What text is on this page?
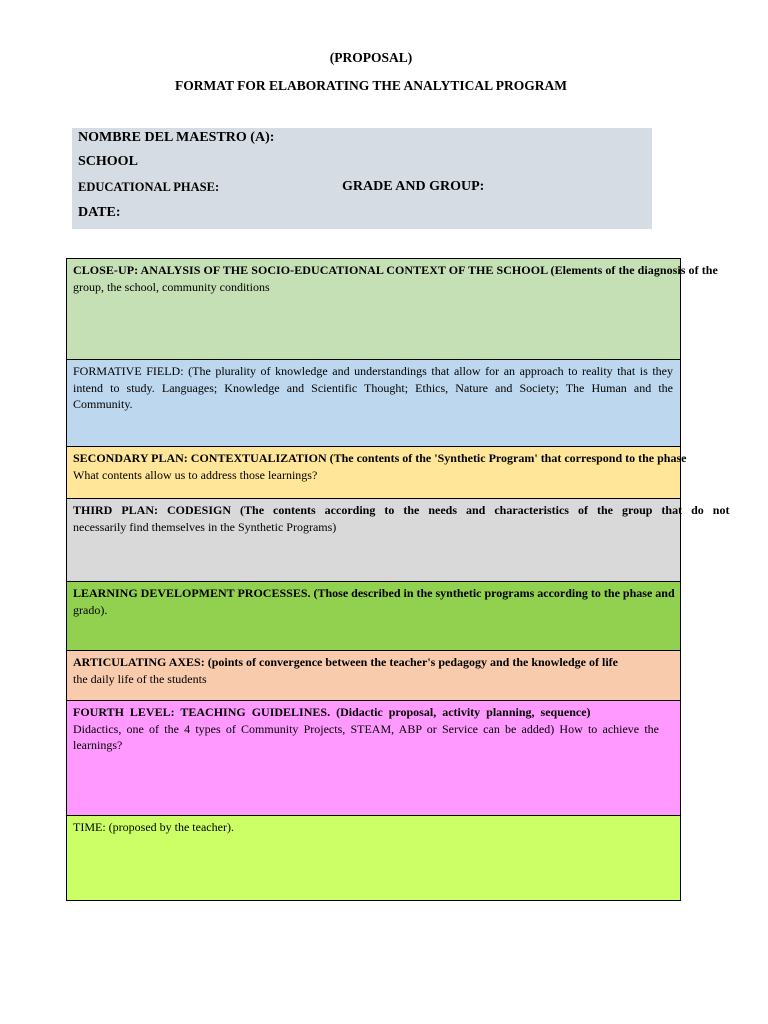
(PROPOSAL)
FORMAT FOR ELABORATING THE ANALYTICAL PROGRAM
NOMBRE DEL MAESTRO (A):
SCHOOL
EDUCATIONAL PHASE:	GRADE AND GROUP:
DATE:

CLOSE-UP: ANALYSIS OF THE SOCIO-EDUCATIONAL CONTEXT OF THE SCHOOL (Elements of the diagnosis of the

group, the school, community conditions

FORMATIVE FIELD: (The plurality of knowledge and understandings that allow for an approach to reality that is they intend to study. Languages; Knowledge and Scientific Thought; Ethics, Nature and Society; The Human and the Community.

SECONDARY PLAN: CONTEXTUALIZATION (The contents of the 'Synthetic Program' that correspond to the phase

What contents allow us to address those learnings?

THIRD PLAN: CODESIGN (The contents according to the needs and characteristics of the group that do not

necessarily find themselves in the Synthetic Programs)

LEARNING DEVELOPMENT PROCESSES. (Those described in the synthetic programs according to the phase and

grado).

ARTICULATING AXES: (points of convergence between the teacher's pedagogy and the knowledge of life

the daily life of the students

FOURTH LEVEL: TEACHING GUIDELINES. (Didactic proposal, activity planning, sequence)

Didactics, one of the 4 types of Community Projects, STEAM, ABP or Service can be added) How to achieve the learnings?

TIME: (proposed by the teacher).
